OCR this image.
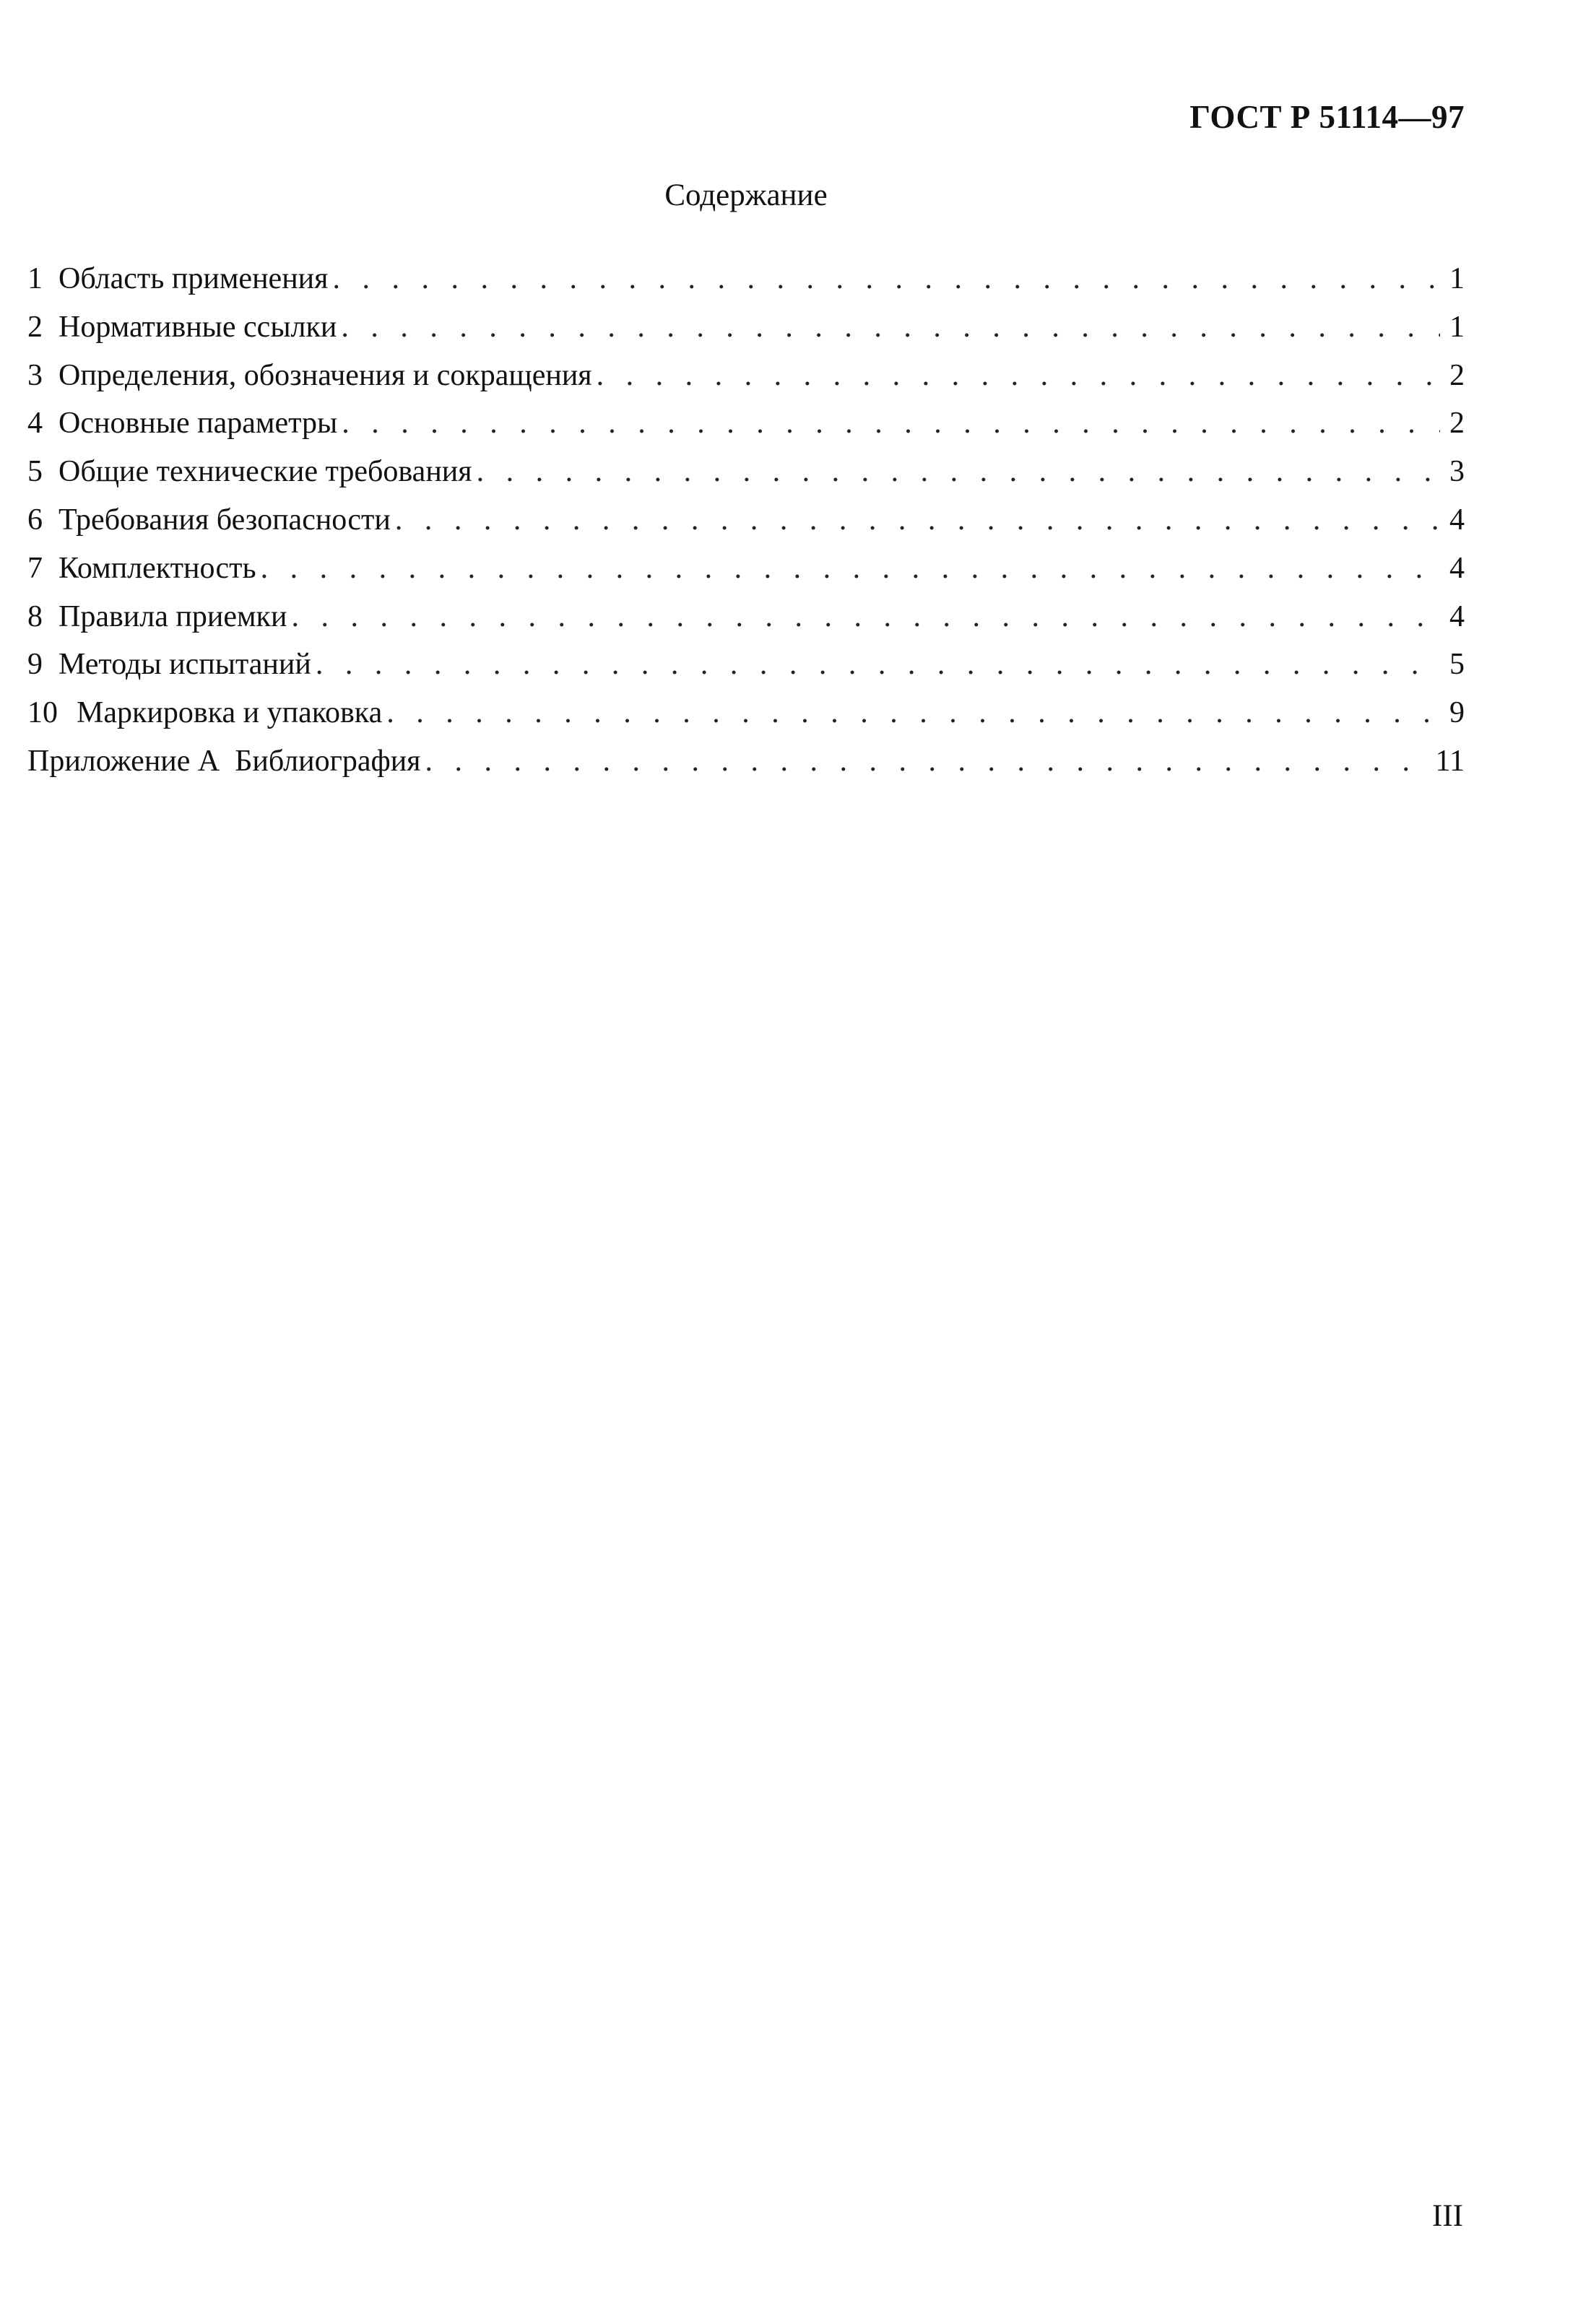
ГОСТ Р 51114—97
Содержание
1 Область применения . . .	1
2 Нормативные ссылки . . .	1
3 Определения, обозначения и сокращения . . .	2
4 Основные параметры . . .	2
5 Общие технические требования . . .	3
6 Требования безопасности . . .	4
7 Комплектность . . .	4
8 Правила приемки . . .	4
9 Методы испытаний . . .	5
10 Маркировка и упаковка . . .	9
Приложение А  Библиография . . .	11
III
